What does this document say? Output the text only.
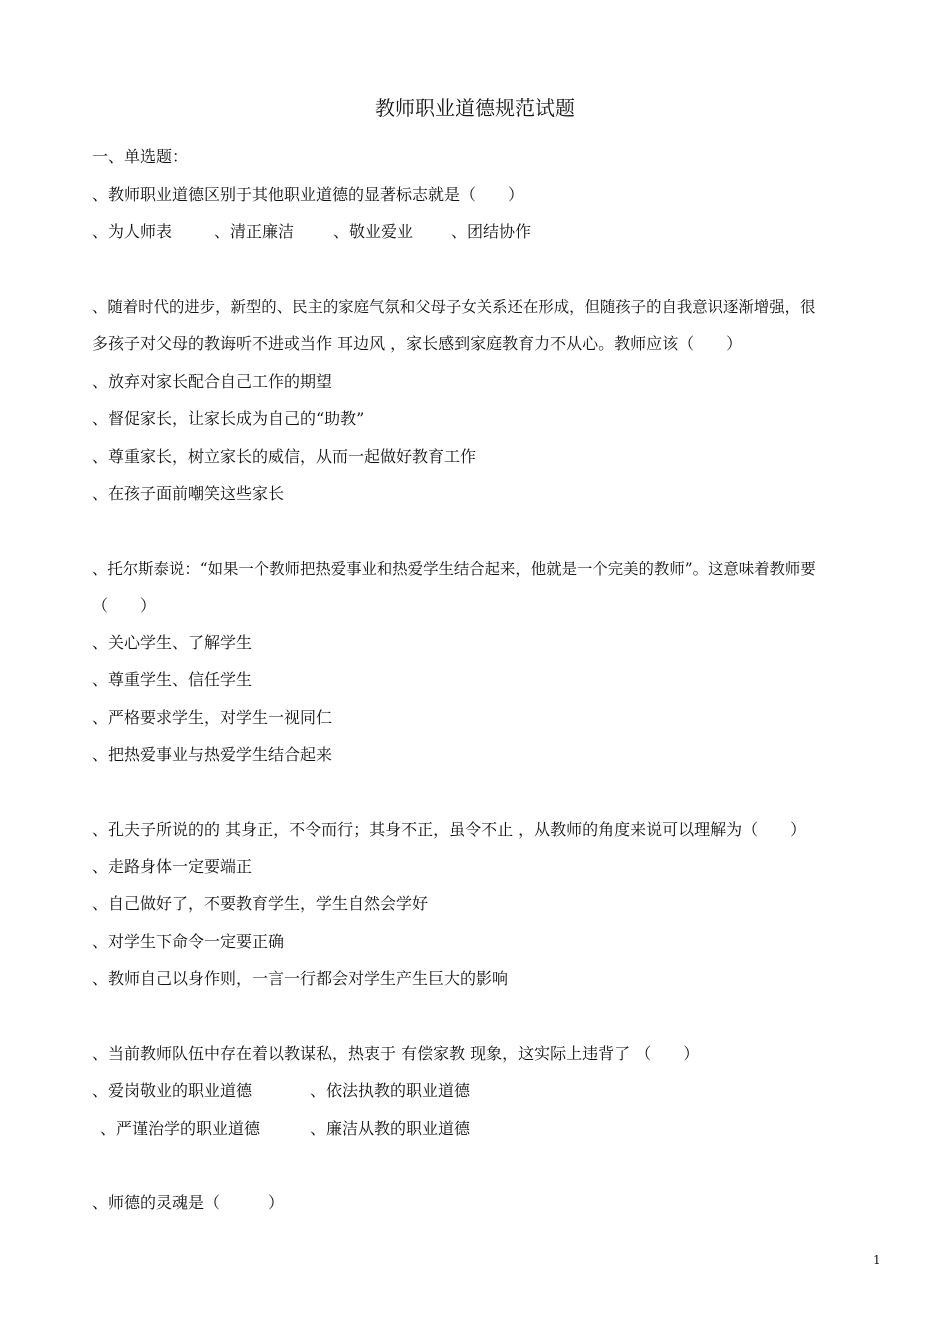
教师职业道德规范试题
一、单选题：
、教师职业道德区别于其他职业道德的显著标志就是（　　）
、为人师表	、清正廉洁 、敬业爱业 、团结协作
、随着时代的进步，新型的、民主的家庭气氛和父母子女关系还在形成，但随孩子的自我意识逐渐增强，很
多孩子对父母的教诲听不进或当作 耳边风 ，家长感到家庭教育力不从心。教师应该（　　）
、放弃对家长配合自己工作的期望
、督促家长，让家长成为自己的“助教”
、尊重家长，树立家长的威信，从而一起做好教育工作
、在孩子面前嘲笑这些家长
、托尔斯泰说：“如果一个教师把热爱事业和热爱学生结合起来，他就是一个完美的教师”。这意味着教师要
（　　）
、关心学生、了解学生
、尊重学生、信任学生
、严格要求学生，对学生一视同仁
、把热爱事业与热爱学生结合起来
、孔夫子所说的的 其身正，不令而行；其身不正，虽令不止 ，从教师的角度来说可以理解为（　　）
、走路身体一定要端正
、自己做好了，不要教育学生，学生自然会学好
、对学生下命令一定要正确
、教师自己以身作则，一言一行都会对学生产生巨大的影响
、当前教师队伍中存在着以教谋私，热衷于 有偿家教 现象，这实际上违背了 （　　）
、爱岗敬业的职业道德	、依法执教的职业道德
、严谨治学的职业道德	、廉洁从教的职业道德
、师德的灵魂是（　　　）
1
